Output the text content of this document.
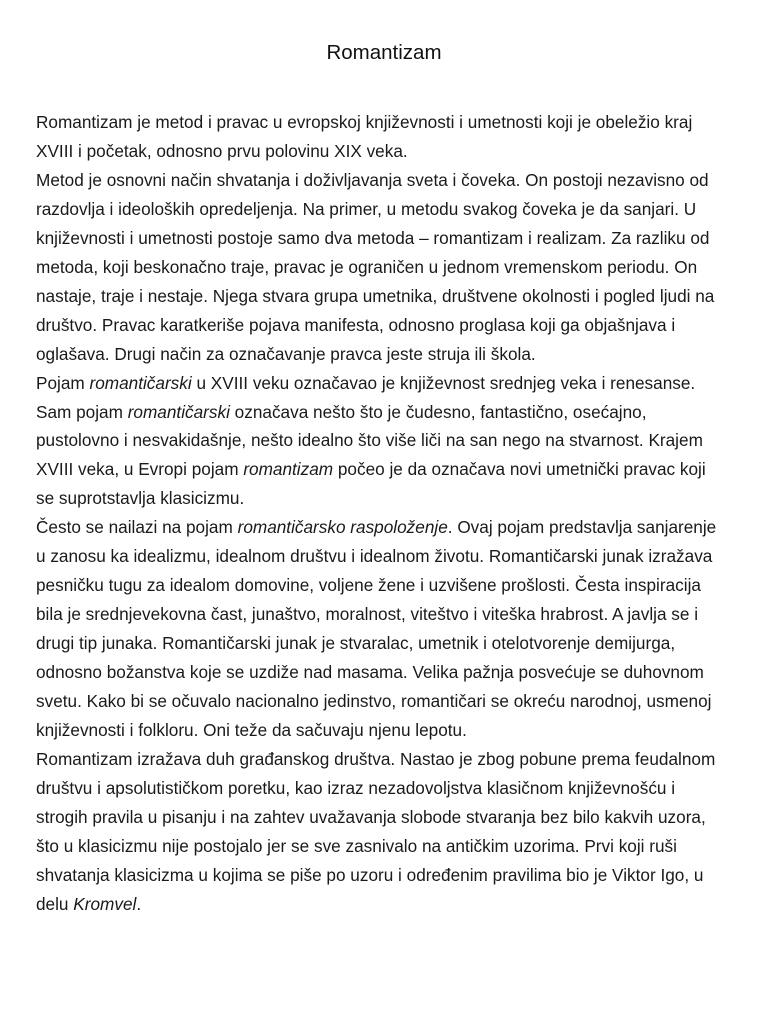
Romantizam

Romantizam je metod i pravac u evropskoj književnosti i umetnosti koji je obeležio kraj XVIII i početak, odnosno prvu polovinu XIX veka.

Metod je osnovni način shvatanja i doživljavanja sveta i čoveka. On postoji nezavisno od razdovlja i ideoloških opredeljenja. Na primer, u metodu svakog čoveka je da sanjari. U književnosti i umetnosti postoje samo dva metoda – romantizam i realizam. Za razliku od metoda, koji beskonačno traje, pravac je ograničen u jednom vremenskom periodu. On nastaje, traje i nestaje. Njega stvara grupa umetnika, društvene okolnosti i pogled ljudi na društvo. Pravac karatkeriše pojava manifesta, odnosno proglasa koji ga objašnjava i oglašava. Drugi način za označavanje pravca jeste struja ili škola.

Pojam romantičarski u XVIII veku označavao je književnost srednjeg veka i renesanse. Sam pojam romantičarski označava nešto što je čudesno, fantastično, osećajno, pustolovno i nesvakidašnje, nešto idealno što više liči na san nego na stvarnost. Krajem XVIII veka, u Evropi pojam romantizam počeo je da označava novi umetnički pravac koji se suprotstavlja klasicizmu.

Često se nailazi na pojam romantičarsko raspoloženje. Ovaj pojam predstavlja sanjarenje u zanosu ka idealizmu, idealnom društvu i idealnom životu. Romantičarski junak izražava pesničku tugu za idealom domovine, voljene žene i uzvišene prošlosti. Česta inspiracija bila je srednjevekovna čast, junaštvo, moralnost, viteštvo i viteška hrabrost. A javlja se i drugi tip junaka. Romantičarski junak je stvaralac, umetnik i otelotvorenje demijurga, odnosno božanstva koje se uzdiže nad masama. Velika pažnja posvećuje se duhovnom svetu. Kako bi se očuvalo nacionalno jedinstvo, romantičari se okreću narodnoj, usmenoj književnosti i folkloru. Oni teže da sačuvaju njenu lepotu.

Romantizam izražava duh građanskog društva. Nastao je zbog pobune prema feudalnom društvu i apsolutističkom poretku, kao izraz nezadovoljstva klasičnom književnošću i strogih pravila u pisanju i na zahtev uvažavanja slobode stvaranja bez bilo kakvih uzora, što u klasicizmu nije postojalo jer se sve zasnivalo na antičkim uzorima. Prvi koji ruši shvatanja klasicizma u kojima se piše po uzoru i određenim pravilima bio je Viktor Igo, u delu Kromvel.
